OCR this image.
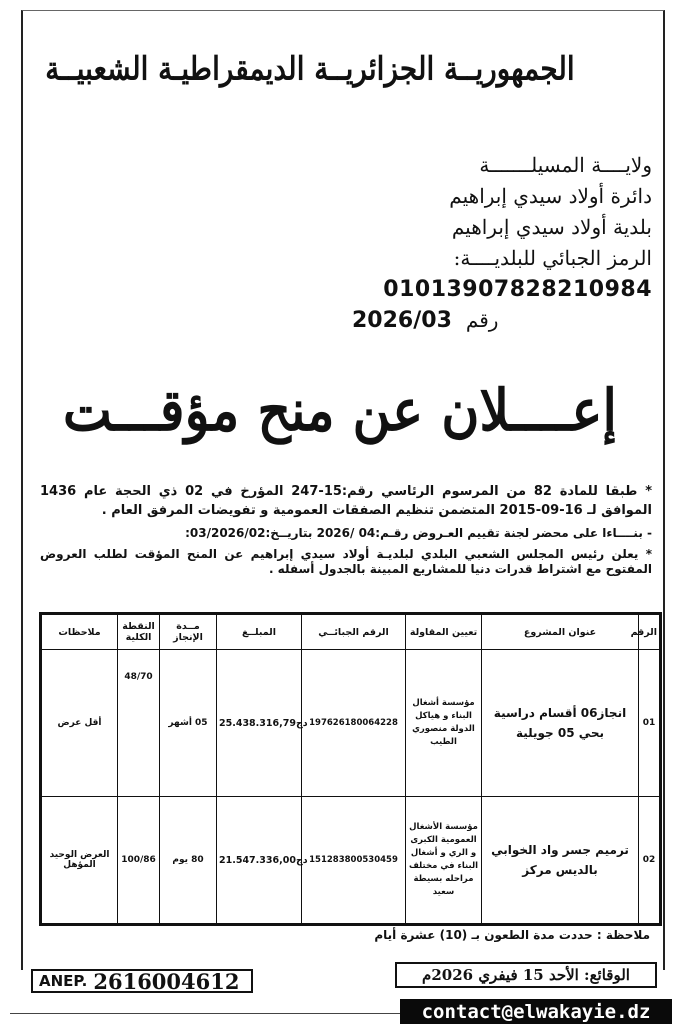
الجمهوريــة الجزائريــة الديمقراطيـة الشعبيــة
ولايــــة المسيلـــــــة
دائرة أولاد سيدي إبراهيم
بلدية أولاد سيدي إبراهيم
الرمز الجبائي للبلديــــة:
01013907828210984
رقم
2026/03
إعــــلان عن منح مؤقـــت

* طبقا للمادة 82 من المرسوم الرئاسي رقم:15-247 المؤرخ في 02 ذي الحجة عام 1436 الموافق لـ 16-09-2015 المتضمن تنظيم الصفقات العمومية و تفويضات المرفق العام .

- بنــــاءا على محضر لجنة تقييم العـروض رقـم:04 /2026 بتاريــخ:03/2026/02:

* يعلن رئيس المجلس الشعبي البلدي لبلديـة أولاد سيدي إبراهيم عن المنح المؤقت لطلب العروض المفتوح مع اشتراط قدرات دنيا للمشاريع المبينة بالجدول أسفله .

الرقم	عنوان المشروع	تعيين المقاولة	الرقم الجبائــي	المبلــغ	مــدة الإنجاز	النقطة الكلية	ملاحظات
01	انجاز06 أقسام دراسية بحي 05 جويلية	مؤسسة أشغال البناء و هياكل الدولة منصوري الطيب	197626180064228	25.438.316,79دج	05 أشهر	48/70	أقل عرض
02	ترميم جسر واد الخوابي بالديس مركز	مؤسسة الأشغال العمومية الكبرى و الري و أشغال البناء في مختلف مراحله بسيطة سعيد	151283800530459	21.547.336,00دج	80 يوم	100/86	العرض الوحيد المؤهل
ملاحظة : حددت مدة الطعون بـ (10) عشرة أيام
ANEP. 2616004612	الوقائع: الأحد 15 فيفري 2026م
contact@elwakayie.dz
